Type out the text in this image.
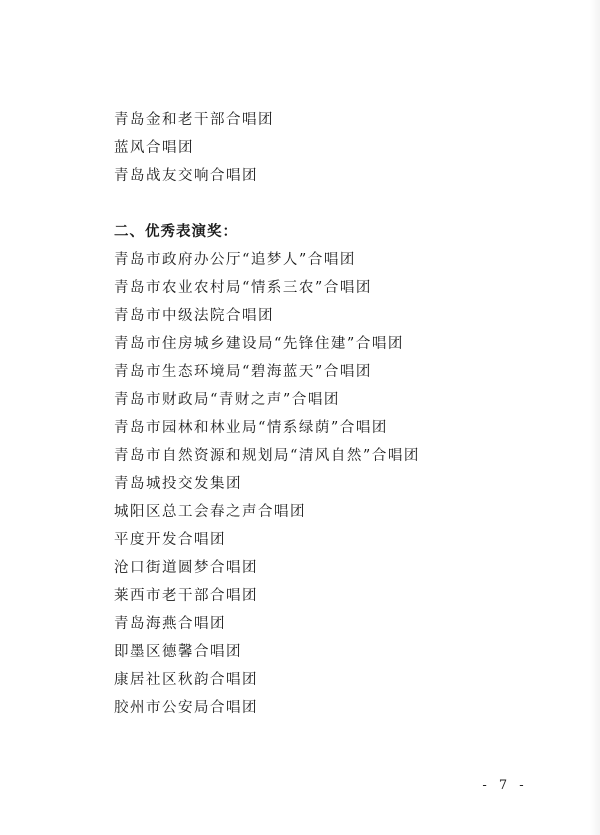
青岛金和老干部合唱团
蓝风合唱团
青岛战友交响合唱团
二、优秀表演奖：
青岛市政府办公厅“追梦人”合唱团
青岛市农业农村局“情系三农”合唱团
青岛市中级法院合唱团
青岛市住房城乡建设局“先锋住建”合唱团
青岛市生态环境局“碧海蓝天”合唱团
青岛市财政局“青财之声”合唱团
青岛市园林和林业局“情系绿荫”合唱团
青岛市自然资源和规划局“清风自然”合唱团
青岛城投交发集团
城阳区总工会春之声合唱团
平度开发合唱团
沧口街道圆梦合唱团
莱西市老干部合唱团
青岛海燕合唱团
即墨区德馨合唱团
康居社区秋韵合唱团
胶州市公安局合唱团
- 7 -
